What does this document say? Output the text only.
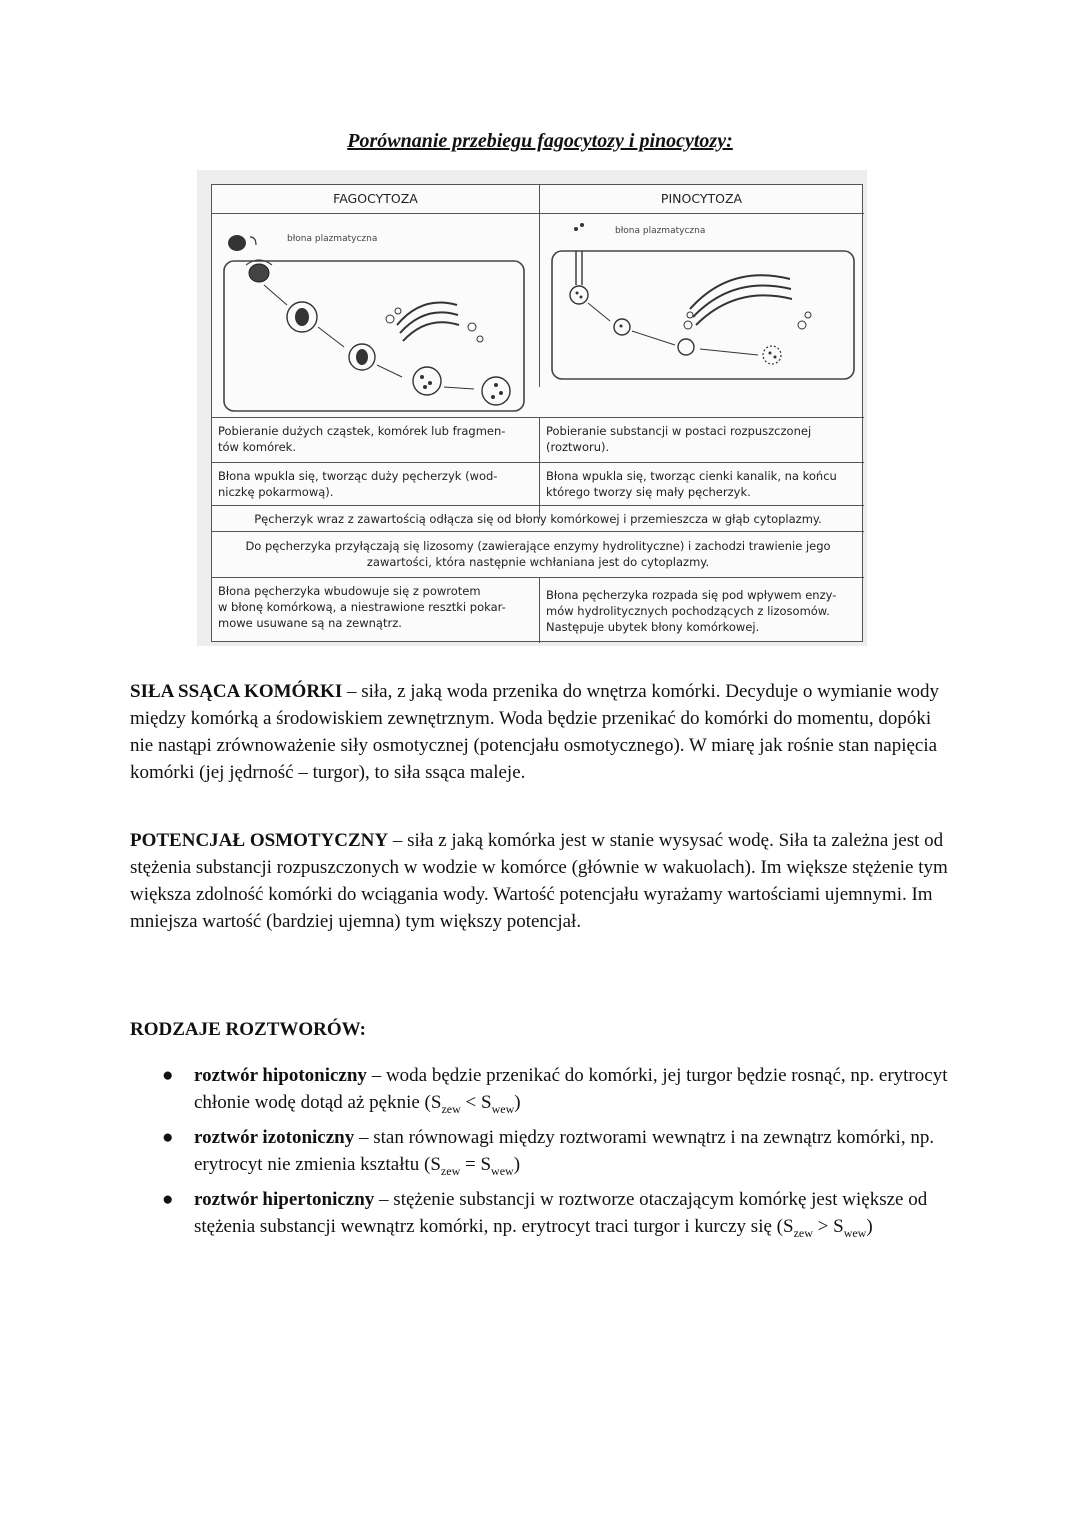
Porównanie przebiegu fagocytozy i pinocytozy:
FAGOCYTOZA	PINOCYTOZA
błona plazmatyczna
błona plazmatyczna
Pobieranie dużych cząstek, komórek lub fragmen-
tów komórek.
Pobieranie substancji w postaci rozpuszczonej
(roztworu).
Błona wpukla się, tworząc duży pęcherzyk (wod-
niczkę pokarmową).
Błona wpukla się, tworząc cienki kanalik, na końcu
którego tworzy się mały pęcherzyk.
Pęcherzyk wraz z zawartością odłącza się od błony komórkowej i przemieszcza w głąb cytoplazmy.
Do pęcherzyka przyłączają się lizosomy (zawierające enzymy hydrolityczne) i zachodzi trawienie jego
zawartości, która następnie wchłaniana jest do cytoplazmy.
Błona pęcherzyka wbudowuje się z powrotem
w błonę komórkową, a niestrawione resztki pokar-
mowe usuwane są na zewnątrz.
Błona pęcherzyka rozpada się pod wpływem enzy-
mów hydrolitycznych pochodzących z lizosomów.
Następuje ubytek błony komórkowej.
SIŁA SSĄCA KOMÓRKI – siła, z jaką woda przenika do wnętrza komórki. Decyduje o wymianie wody między komórką a środowiskiem zewnętrznym. Woda będzie przenikać do komórki do momentu, dopóki nie nastąpi zrównoważenie siły osmotycznej (potencjału osmotycznego). W miarę jak rośnie stan napięcia komórki (jej jędrność – turgor), to siła ssąca maleje.
POTENCJAŁ OSMOTYCZNY – siła z jaką komórka jest w stanie wysysać wodę. Siła ta zależna jest od stężenia substancji rozpuszczonych w wodzie w komórce (głównie w wakuolach). Im większe stężenie tym większa zdolność komórki do wciągania wody. Wartość potencjału wyrażamy wartościami ujemnymi. Im mniejsza wartość (bardziej ujemna) tym większy potencjał.
RODZAJE ROZTWORÓW:
● roztwór hipotoniczny – woda będzie przenikać do komórki, jej turgor będzie rosnąć, np. erytrocyt chłonie wodę dotąd aż pęknie $(S_{zew} < S_{wew})$
● roztwór izotoniczny – stan równowagi między roztworami wewnątrz i na zewnątrz komórki, np. erytrocyt nie zmienia kształtu $(S_{zew} = S_{wew})$
● roztwór hipertoniczny – stężenie substancji w roztworze otaczającym komórkę jest większe od stężenia substancji wewnątrz komórki, np. erytrocyt traci turgor i kurczy się $(S_{zew} > S_{wew})$
